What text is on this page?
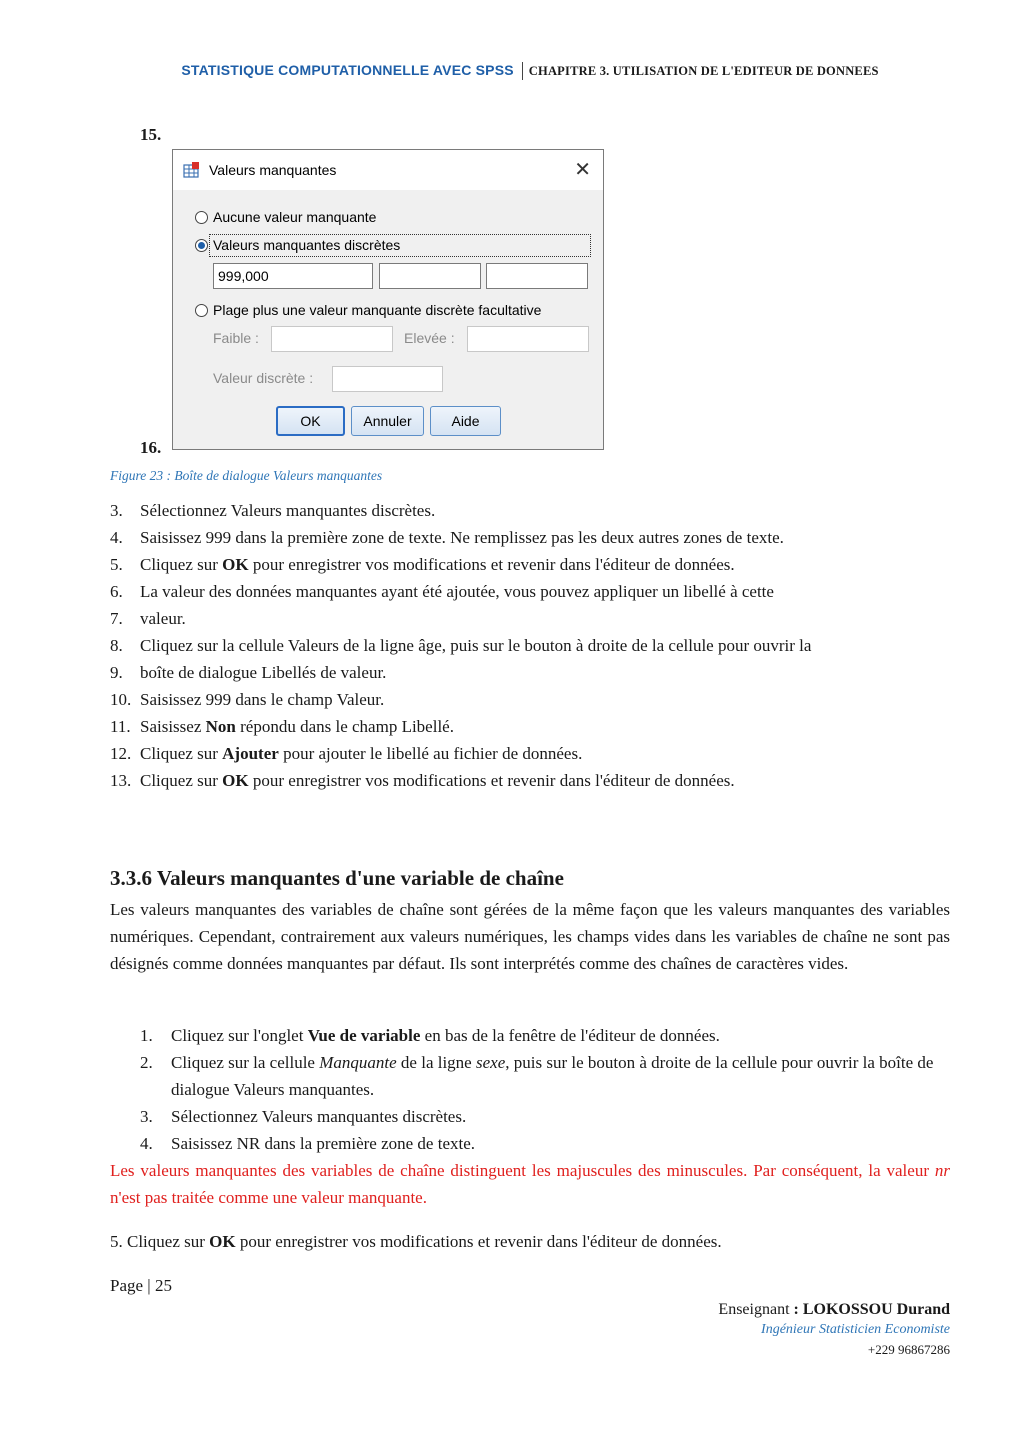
STATISTIQUE COMPUTATIONNELLE AVEC SPSS CHAPITRE 3. UTILISATION DE L'EDITEUR DE DONNEES
15.
Valeurs manquantes	✕
Aucune valeur manquante
Valeurs manquantes discrètes
999,000
Plage plus une valeur manquante discrète facultative
Faible :	Elevée :
Valeur discrète :
OK	Annuler	Aide
16.
Figure 23 : Boîte de dialogue Valeurs manquantes
3. Sélectionnez Valeurs manquantes discrètes.
4. Saisissez 999 dans la première zone de texte. Ne remplissez pas les deux autres zones de texte.
5. Cliquez sur OK pour enregistrer vos modifications et revenir dans l'éditeur de données.
6. La valeur des données manquantes ayant été ajoutée, vous pouvez appliquer un libellé à cette
7. valeur.
8. Cliquez sur la cellule Valeurs de la ligne âge, puis sur le bouton à droite de la cellule pour ouvrir la
9. boîte de dialogue Libellés de valeur.
10. Saisissez 999 dans le champ Valeur.
11. Saisissez Non répondu dans le champ Libellé.
12. Cliquez sur Ajouter pour ajouter le libellé au fichier de données.
13. Cliquez sur OK pour enregistrer vos modifications et revenir dans l'éditeur de données.
3.3.6 Valeurs manquantes d'une variable de chaîne

Les valeurs manquantes des variables de chaîne sont gérées de la même façon que les valeurs manquantes des variables numériques. Cependant, contrairement aux valeurs numériques, les champs vides dans les variables de chaîne ne sont pas désignés comme données manquantes par défaut. Ils sont interprétés comme des chaînes de caractères vides.

1. Cliquez sur l'onglet Vue de variable en bas de la fenêtre de l'éditeur de données.
2. Cliquez sur la cellule Manquante de la ligne sexe, puis sur le bouton à droite de la cellule pour ouvrir la boîte de dialogue Valeurs manquantes.
3. Sélectionnez Valeurs manquantes discrètes.
4. Saisissez NR dans la première zone de texte.

Les valeurs manquantes des variables de chaîne distinguent les majuscules des minuscules. Par conséquent, la valeur nr n'est pas traitée comme une valeur manquante.

5. Cliquez sur OK pour enregistrer vos modifications et revenir dans l'éditeur de données.

Page | 25
Enseignant : LOKOSSOU Durand
Ingénieur Statisticien Economiste
+229 96867286
